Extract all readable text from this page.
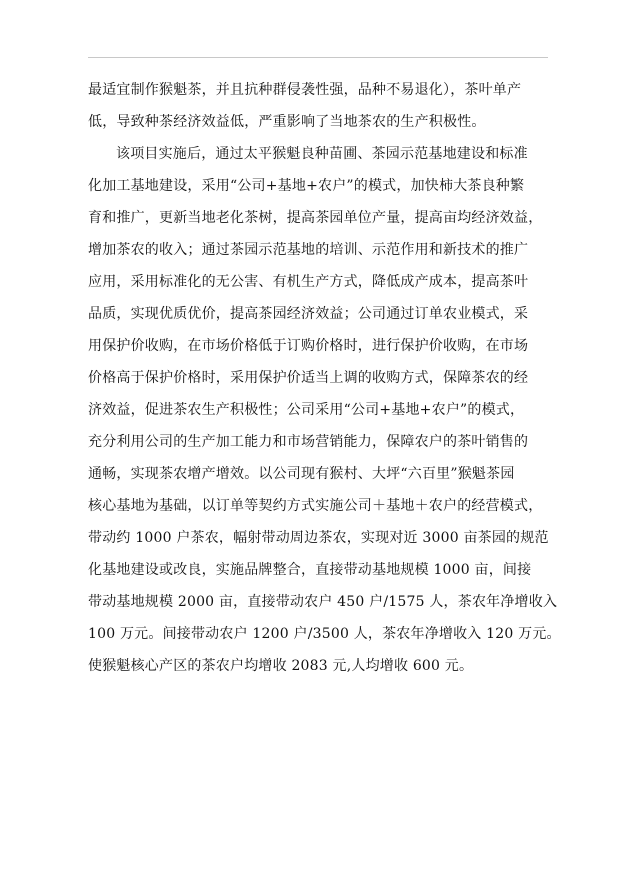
最适宜制作猴魁茶，并且抗种群侵袭性强，品种不易退化），茶叶单产
低，导致种茶经济效益低，严重影响了当地茶农的生产积极性。
该项目实施后，通过太平猴魁良种苗圃、茶园示范基地建设和标准
化加工基地建设，采用“公司+基地+农户”的模式，加快柿大茶良种繁
育和推广，更新当地老化茶树，提高茶园单位产量，提高亩均经济效益，
增加茶农的收入；通过茶园示范基地的培训、示范作用和新技术的推广
应用，采用标准化的无公害、有机生产方式，降低成产成本，提高茶叶
品质，实现优质优价，提高茶园经济效益；公司通过订单农业模式，采
用保护价收购，在市场价格低于订购价格时，进行保护价收购，在市场
价格高于保护价格时，采用保护价适当上调的收购方式，保障茶农的经
济效益，促进茶农生产积极性；公司采用“公司+基地+农户”的模式，
充分利用公司的生产加工能力和市场营销能力，保障农户的茶叶销售的
通畅，实现茶农增产增效。以公司现有猴村、大坪“六百里”猴魁茶园
核心基地为基础，以订单等契约方式实施公司＋基地＋农户的经营模式，
带动约 1000 户茶农，幅射带动周边茶农，实现对近 3000 亩茶园的规范
化基地建设或改良，实施品牌整合，直接带动基地规模 1000 亩，间接
带动基地规模 2000 亩，直接带动农户 450 户/1575 人，茶农年净增收入
100 万元。间接带动农户 1200 户/3500 人，茶农年净增收入 120 万元。
使猴魁核心产区的茶农户均增收 2083 元,人均增收 600 元。
